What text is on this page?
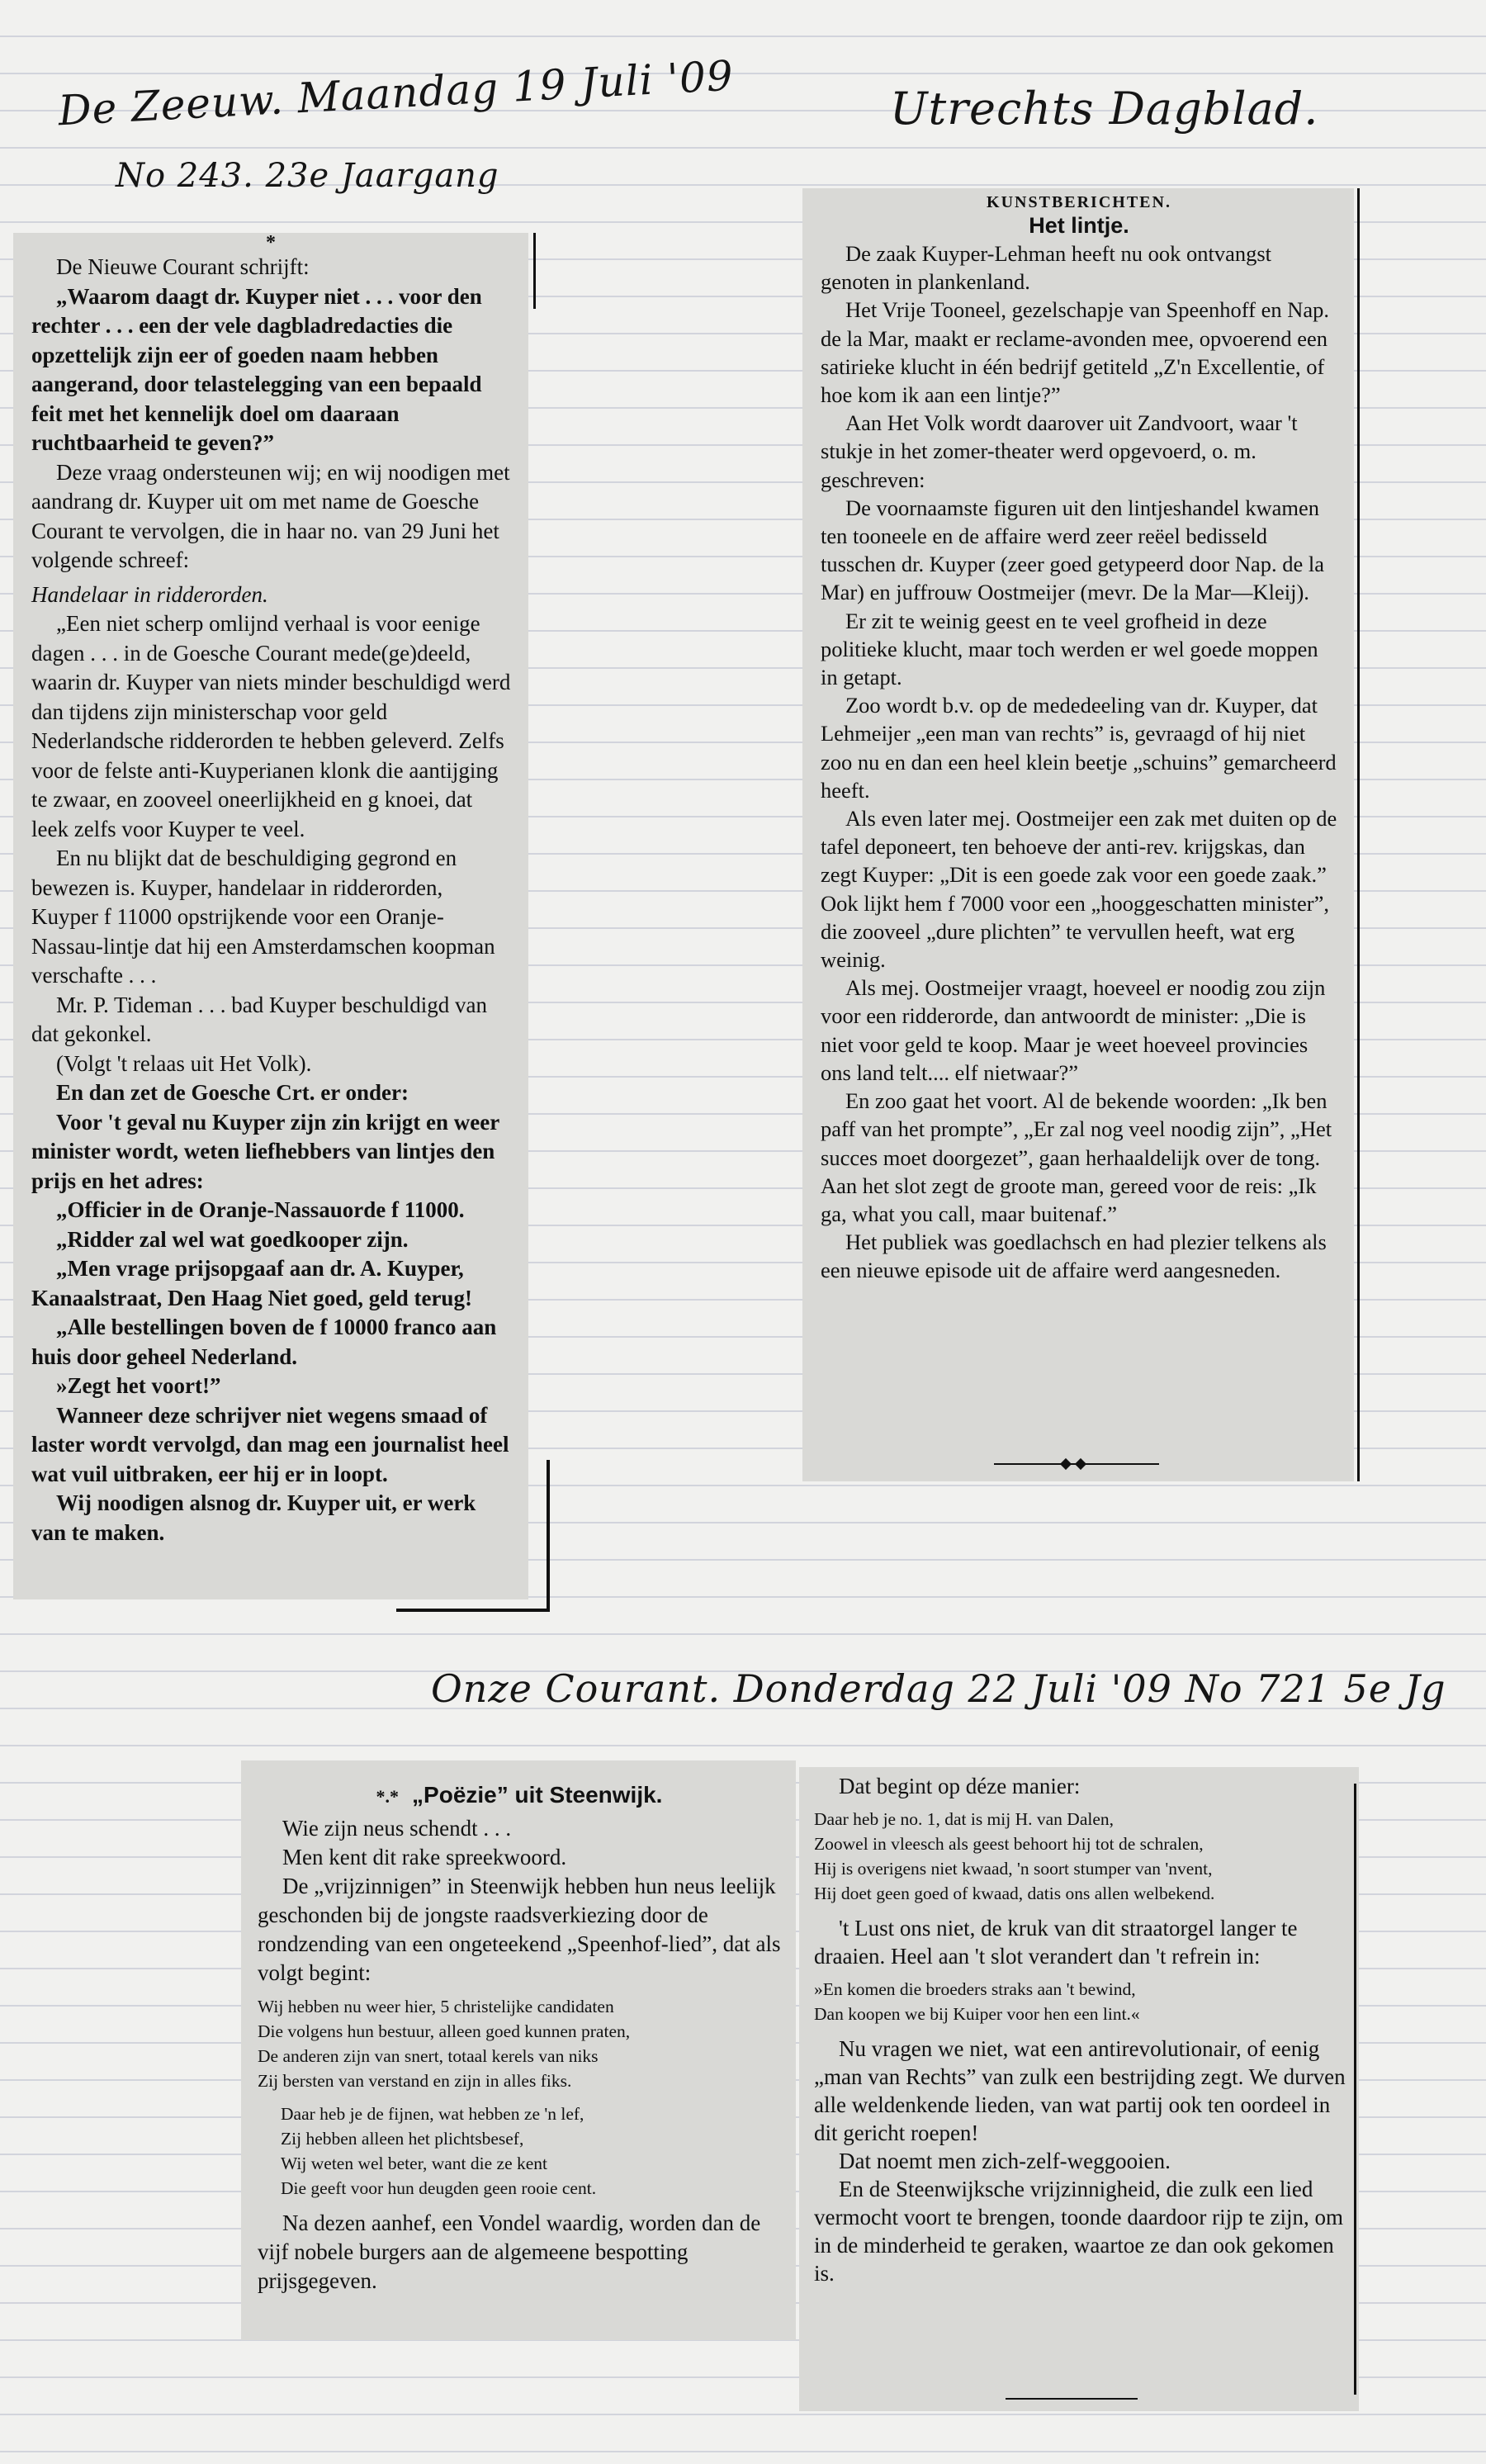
De Zeeuw. Maandag 19 Juli '09
No 243. 23e Jaargang
Utrechts Dagblad.
Onze Courant. Donderdag 22 Juli '09 No 721 5e Jg
*

De Nieuwe Courant schrijft:

„Waarom daagt dr. Kuyper niet . . . voor den rechter . . . een der vele dagbladredacties die opzettelijk zijn eer of goeden naam hebben aangerand, door telastelegging van een bepaald feit met het kennelijk doel om daaraan ruchtbaarheid te geven?”

Deze vraag ondersteunen wij; en wij noodigen met aandrang dr. Kuyper uit om met name de Goesche Courant te vervolgen, die in haar no. van 29 Juni het volgende schreef:

Handelaar in ridderorden.

„Een niet scherp omlijnd verhaal is voor eenige dagen . . . in de Goesche Courant mede(ge)deeld, waarin dr. Kuyper van niets minder beschuldigd werd dan tijdens zijn ministerschap voor geld Nederlandsche ridderorden te hebben geleverd. Zelfs voor de felste anti-Kuyperianen klonk die aantijging te zwaar, en zooveel oneerlijkheid en g knoei, dat leek zelfs voor Kuyper te veel.

En nu blijkt dat de beschuldiging gegrond en bewezen is. Kuyper, handelaar in ridderorden, Kuyper f 11000 opstrijkende voor een Oranje-Nassau-lintje dat hij een Amsterdamschen koopman verschafte . . .

Mr. P. Tideman . . . bad Kuyper beschuldigd van dat gekonkel.

(Volgt 't relaas uit Het Volk).

En dan zet de Goesche Crt. er onder:

Voor 't geval nu Kuyper zijn zin krijgt en weer minister wordt, weten liefhebbers van lintjes den prijs en het adres:

„Officier in de Oranje-Nassauorde f 11000.

„Ridder zal wel wat goedkooper zijn.

„Men vrage prijsopgaaf aan dr. A. Kuyper, Kanaalstraat, Den Haag Niet goed, geld terug!

„Alle bestellingen boven de f 10000 franco aan huis door geheel Nederland.

»Zegt het voort!”

Wanneer deze schrijver niet wegens smaad of laster wordt vervolgd, dan mag een journalist heel wat vuil uitbraken, eer hij er in loopt.

Wij noodigen alsnog dr. Kuyper uit, er werk van te maken.

KUNSTBERICHTEN.
Het lintje.

De zaak Kuyper-Lehman heeft nu ook ontvangst genoten in plankenland.

Het Vrije Tooneel, gezelschapje van Speenhoff en Nap. de la Mar, maakt er reclame-avonden mee, opvoerend een satirieke klucht in één bedrijf getiteld „Z'n Excellentie, of hoe kom ik aan een lintje?”

Aan Het Volk wordt daarover uit Zandvoort, waar 't stukje in het zomer-theater werd opgevoerd, o. m. geschreven:

De voornaamste figuren uit den lintjeshandel kwamen ten tooneele en de affaire werd zeer reëel bedisseld tusschen dr. Kuyper (zeer goed getypeerd door Nap. de la Mar) en juffrouw Oostmeijer (mevr. De la Mar—Kleij).

Er zit te weinig geest en te veel grofheid in deze politieke klucht, maar toch werden er wel goede moppen in getapt.

Zoo wordt b.v. op de mededeeling van dr. Kuyper, dat Lehmeijer „een man van rechts” is, gevraagd of hij niet zoo nu en dan een heel klein beetje „schuins” gemarcheerd heeft.

Als even later mej. Oostmeijer een zak met duiten op de tafel deponeert, ten behoeve der anti-rev. krijgskas, dan zegt Kuyper: „Dit is een goede zak voor een goede zaak.” Ook lijkt hem f 7000 voor een „hooggeschatten minister”, die zooveel „dure plichten” te vervullen heeft, wat erg weinig.

Als mej. Oostmeijer vraagt, hoeveel er noodig zou zijn voor een ridderorde, dan antwoordt de minister: „Die is niet voor geld te koop. Maar je weet hoeveel provincies ons land telt.... elf nietwaar?”

En zoo gaat het voort. Al de bekende woorden: „Ik ben paff van het prompte”, „Er zal nog veel noodig zijn”, „Het succes moet doorgezet”, gaan herhaaldelijk over de tong. Aan het slot zegt de groote man, gereed voor de reis: „Ik ga, what you call, maar buitenaf.”

Het publiek was goedlachsch en had plezier telkens als een nieuwe episode uit de affaire werd aangesneden.

*.* „Poëzie” uit Steenwijk.

Wie zijn neus schendt . . .

Men kent dit rake spreekwoord.

De „vrijzinnigen” in Steenwijk hebben hun neus leelijk geschonden bij de jongste raadsverkiezing door de rondzending van een ongeteekend „Speenhof-lied”, dat als volgt begint:

Wij hebben nu weer hier, 5 christelijke candidaten
Die volgens hun bestuur, alleen goed kunnen praten,
De anderen zijn van snert, totaal kerels van niks
Zij bersten van verstand en zijn in alles fiks.
Daar heb je de fijnen, wat hebben ze 'n lef,
Zij hebben alleen het plichtsbesef,
Wij weten wel beter, want die ze kent
Die geeft voor hun deugden geen rooie cent.

Na dezen aanhef, een Vondel waardig, worden dan de vijf nobele burgers aan de algemeene bespotting prijsgegeven.

Dat begint op déze manier:

Daar heb je no. 1, dat is mij H. van Dalen,
Zoowel in vleesch als geest behoort hij tot de schralen,
Hij is overigens niet kwaad, 'n soort stumper van 'nvent,
Hij doet geen goed of kwaad, datis ons allen welbekend.

't Lust ons niet, de kruk van dit straatorgel langer te draaien. Heel aan 't slot verandert dan 't refrein in:

»En komen die broeders straks aan 't bewind,
Dan koopen we bij Kuiper voor hen een lint.«

Nu vragen we niet, wat een antirevolutionair, of eenig „man van Rechts” van zulk een bestrijding zegt. We durven alle weldenkende lieden, van wat partij ook ten oordeel in dit gericht roepen!

Dat noemt men zich-zelf-weggooien.

En de Steenwijksche vrijzinnigheid, die zulk een lied vermocht voort te brengen, toonde daardoor rijp te zijn, om in de minderheid te geraken, waartoe ze dan ook gekomen is.
